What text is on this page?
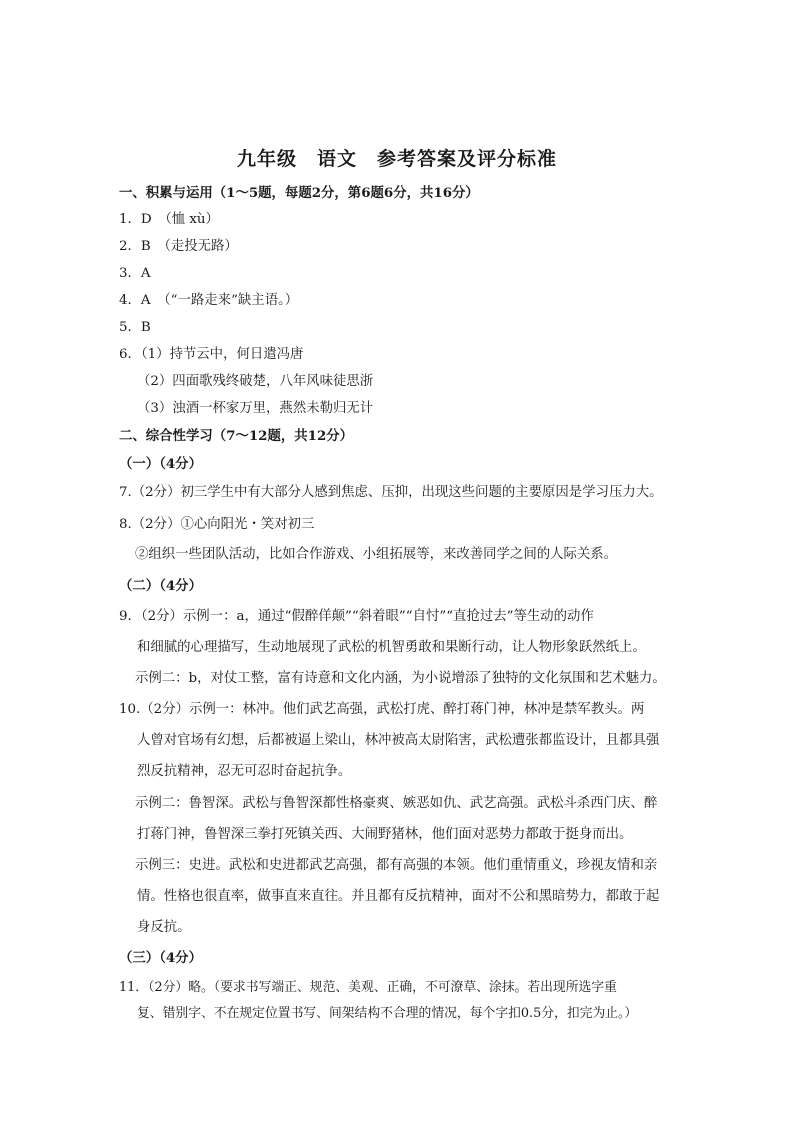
九年级　语文　参考答案及评分标准
一、积累与运用（1～5题，每题2分，第6题6分，共16分）
1．D　（恤 xù）
2．B　（走投无路）
3．A
4．A　（“一路走来”缺主语。）
5．B
6．（1）持节云中，何日遣冯唐
（2）四面歌残终破楚，八年风味徒思浙
（3）浊酒一杯家万里，燕然未勒归无计
二、综合性学习（7～12题，共12分）
（一）（4分）
7.（2分）初三学生中有大部分人感到焦虑、压抑，出现这些问题的主要原因是学习压力大。
8.（2分）①心向阳光・笑对初三
②组织一些团队活动，比如合作游戏、小组拓展等，来改善同学之间的人际关系。
（二）（4分）
9．（2分）示例一：a，通过“假醉佯颠”“斜着眼”“自忖”“直抢过去”等生动的动作
和细腻的心理描写，生动地展现了武松的机智勇敢和果断行动，让人物形象跃然纸上。
示例二：b，对仗工整，富有诗意和文化内涵，为小说增添了独特的文化氛围和艺术魅力。
10.（2分）示例一：林冲。他们武艺高强，武松打虎、醉打蒋门神，林冲是禁军教头。两
人曾对官场有幻想，后都被逼上梁山，林冲被高太尉陷害，武松遭张都监设计，且都具强
烈反抗精神，忍无可忍时奋起抗争。
示例二：鲁智深。武松与鲁智深都性格豪爽、嫉恶如仇、武艺高强。武松斗杀西门庆、醉
打蒋门神，鲁智深三拳打死镇关西、大闹野猪林，他们面对恶势力都敢于挺身而出。
示例三：史进。武松和史进都武艺高强，都有高强的本领。他们重情重义，珍视友情和亲
情。性格也很直率，做事直来直往。并且都有反抗精神，面对不公和黑暗势力，都敢于起
身反抗。
（三）（4分）
11．（2分）略。（要求书写端正、规范、美观、正确，不可潦草、涂抹。若出现所选字重
复、错别字、不在规定位置书写、间架结构不合理的情况，每个字扣0.5分，扣完为止。）
